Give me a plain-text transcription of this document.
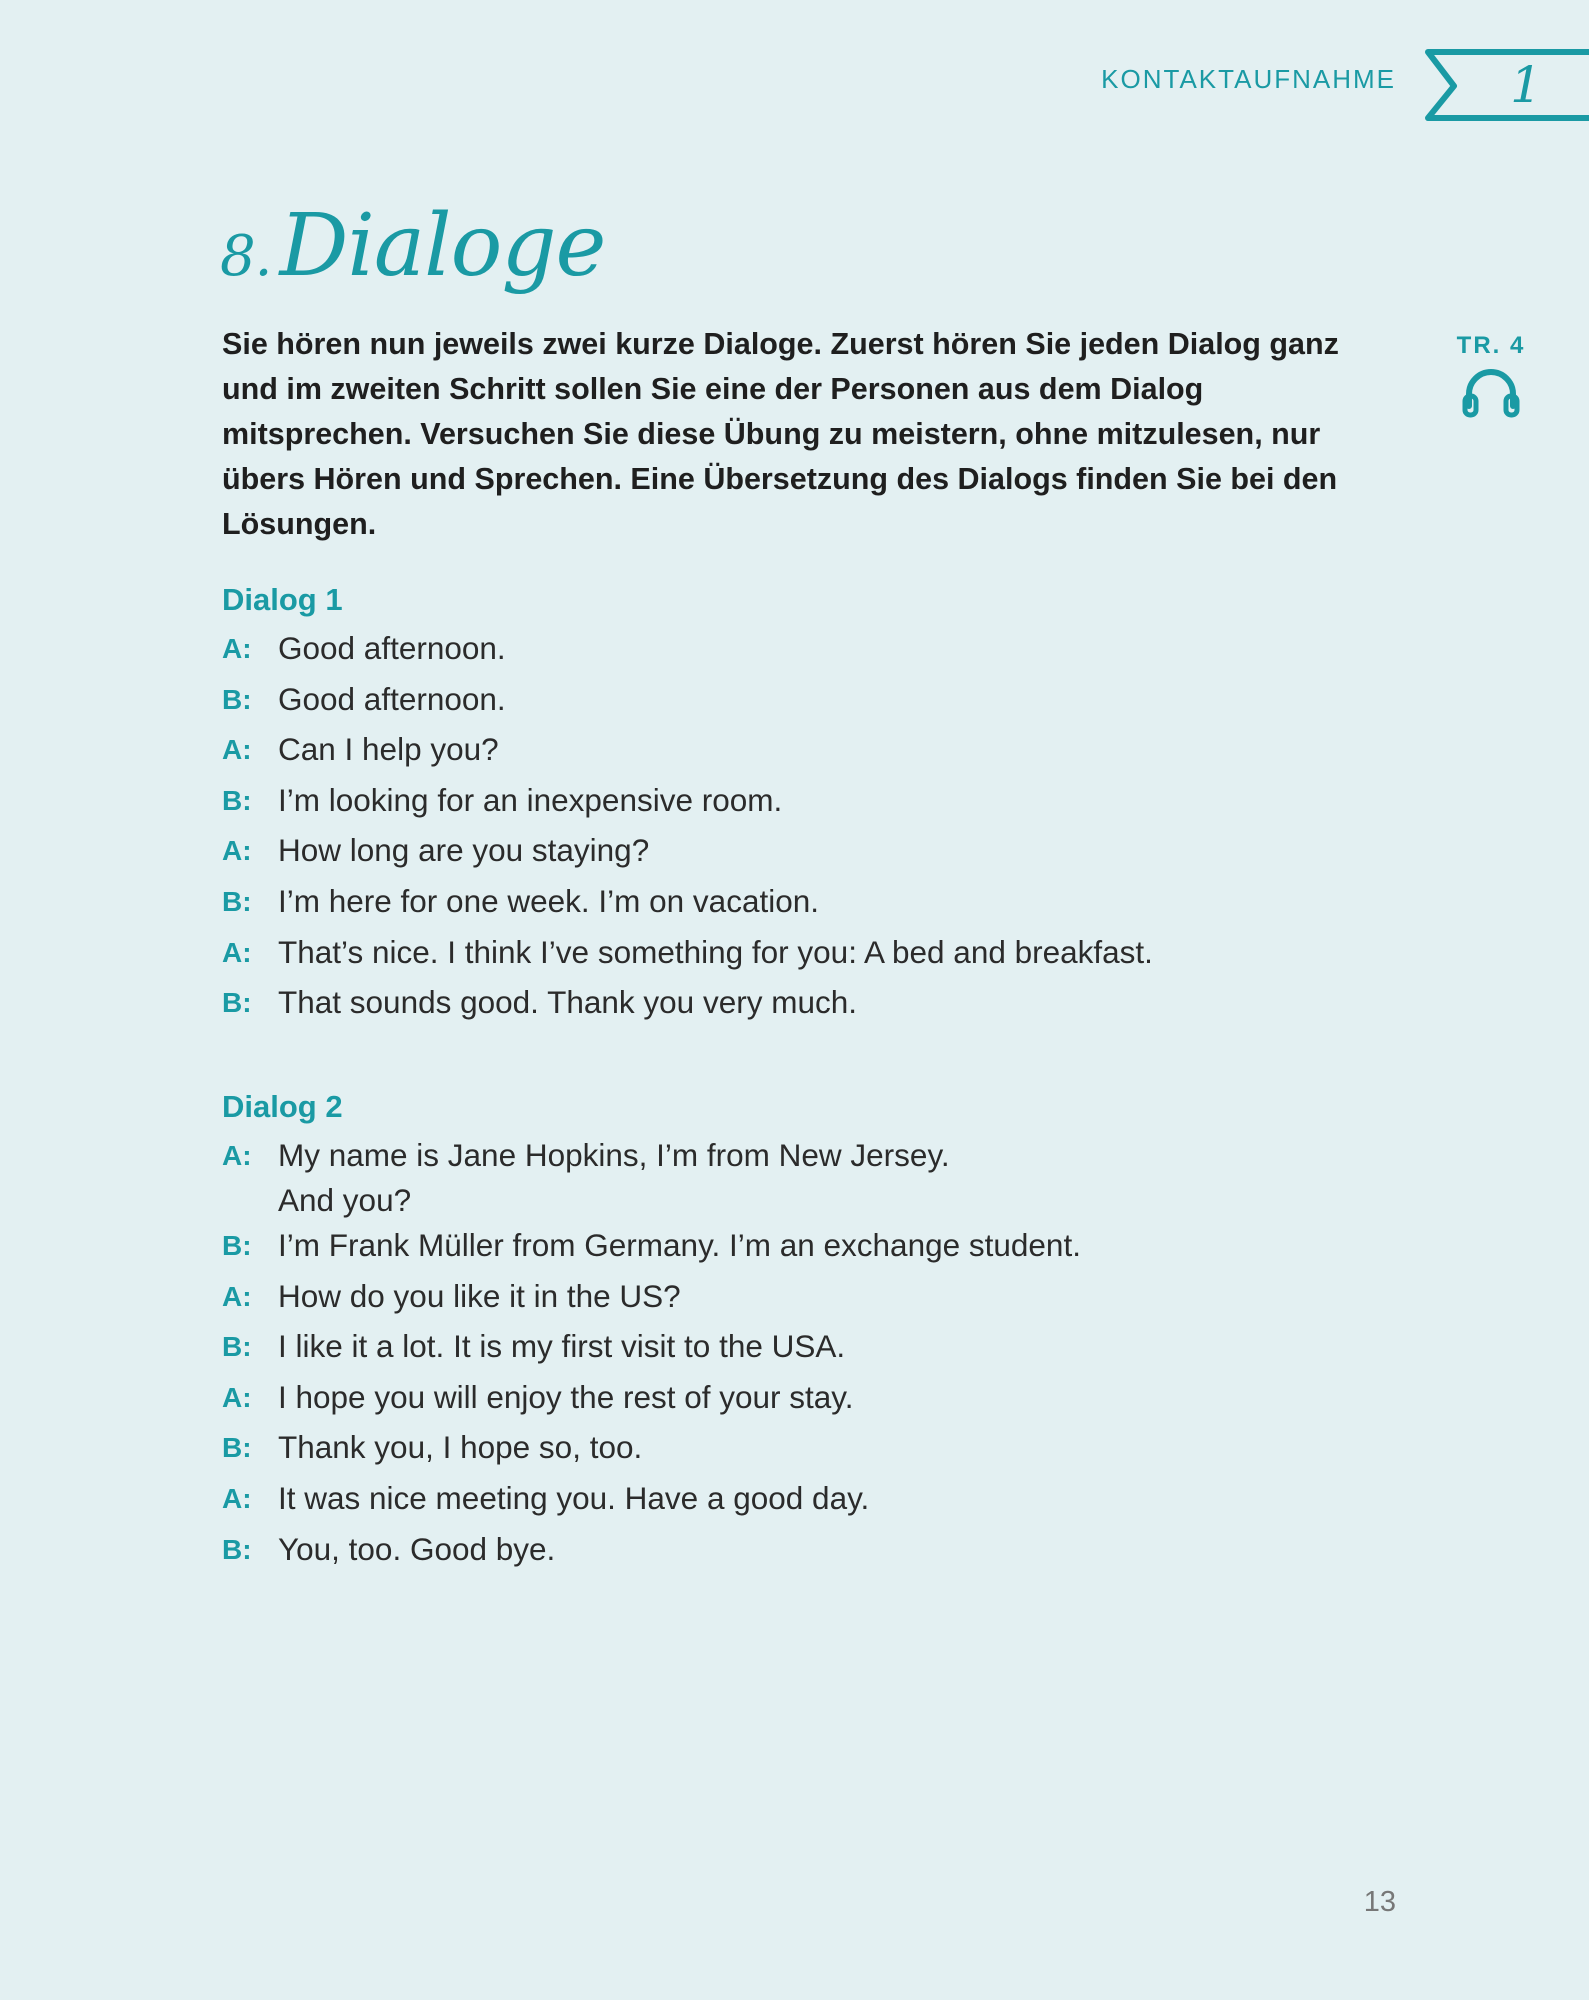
KONTAKTAUFNAHME 1
8.Dialoge

Sie hören nun jeweils zwei kurze Dialoge. Zuerst hören Sie jeden Dialog ganz und im zweiten Schritt sollen Sie eine der Personen aus dem Dialog mitsprechen. Versuchen Sie diese Übung zu meistern, ohne mitzulesen, nur übers Hören und Sprechen. Eine Übersetzung des Dialogs finden Sie bei den Lösungen.

TR. 4
Dialog 1
A: Good afternoon.
B: Good afternoon.
A: Can I help you?
B: I’m looking for an inexpensive room.
A: How long are you staying?
B: I’m here for one week. I’m on vacation.
A: That’s nice. I think I’ve something for you: A bed and breakfast.
B: That sounds good. Thank you very much.
Dialog 2
A: My name is Jane Hopkins, I’m from New Jersey.
And you?
B: I’m Frank Müller from Germany. I’m an exchange student.
A: How do you like it in the US?
B: I like it a lot. It is my first visit to the USA.
A: I hope you will enjoy the rest of your stay.
B: Thank you, I hope so, too.
A: It was nice meeting you. Have a good day.
B: You, too. Good bye.
13
